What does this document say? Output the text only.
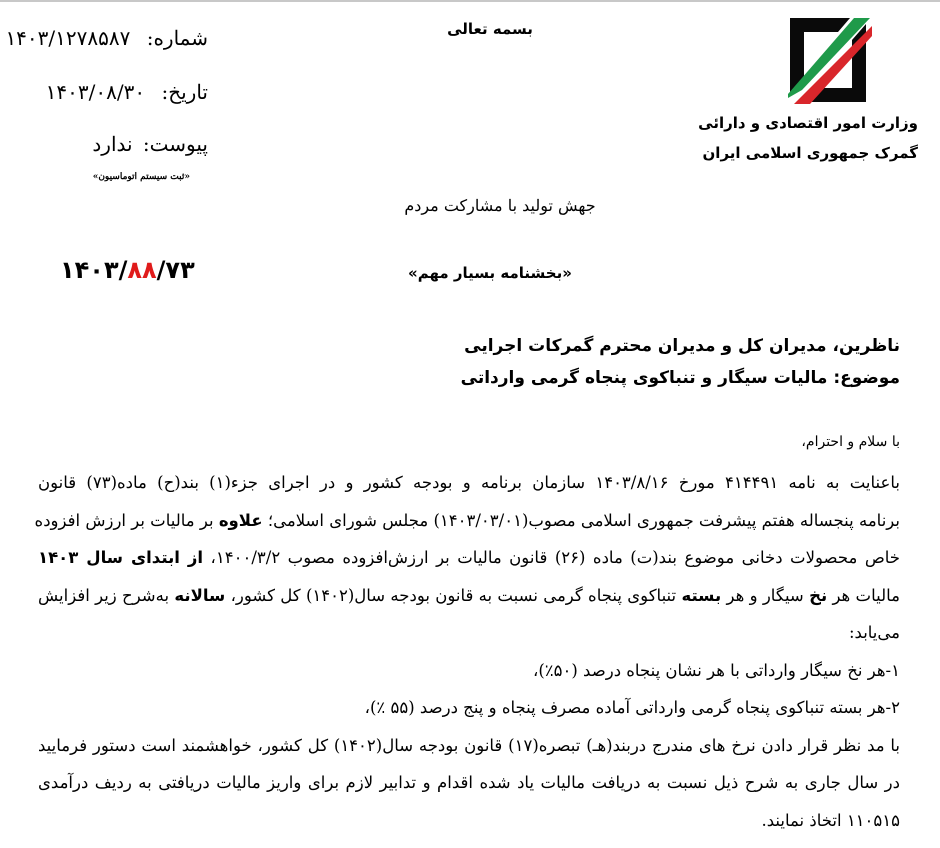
وزارت امور اقتصادی و دارائی
گمرک جمهوری اسلامی ایران
بسمه تعالی
شماره: ۱۴۰۳/۱۲۷۸۵۸۷
تاریخ: ۱۴۰۳/۰۸/۳۰
پیوست: ندارد
«ثبت سیستم اتوماسیون»
جهش تولید با مشارکت مردم
۱۴۰۳/۸۸/۷۳	«بخشنامه بسیار مهم»
ناظرین، مدیران کل و مدیران محترم گمرکات اجرایی
موضوع: مالیات سیگار و تنباکوی پنجاه گرمی وارداتی
با سلام و احترام،
باعنایت به نامه ۴۱۴۴۹۱ مورخ ۱۴۰۳/۸/۱۶ سازمان برنامه و بودجه کشور و در اجرای جزء(۱) بند(ح) ماده(۷۳) قانون
برنامه پنجساله هفتم پیشرفت جمهوری اسلامی مصوب(۱۴۰۳/۰۳/۰۱) مجلس شورای اسلامی؛ علاوه بر مالیات بر ارزش افزوده
خاص محصولات دخانی موضوع بند(ت) ماده (۲۶) قانون مالیات بر ارزش‌افزوده مصوب ۱۴۰۰/۳/۲، از ابتدای سال ۱۴۰۳
مالیات هر نخ سیگار و هر بسته تنباکوی پنجاه گرمی نسبت به قانون بودجه سال(۱۴۰۲) کل کشور، سالانه به‌شرح زیر افزایش
می‌یابد:
۱-هر نخ سیگار وارداتی با هر نشان پنجاه درصد (۵۰٪)،
۲-هر بسته تنباکوی پنجاه گرمی وارداتی آماده مصرف پنجاه و پنج درصد (۵۵ ٪)،
با مد نظر قرار دادن نرخ های مندرج دربند(هـ) تبصره(۱۷) قانون بودجه سال(۱۴۰۲) کل کشور، خواهشمند است دستور فرمایید
در سال جاری به شرح ذیل نسبت به دریافت مالیات یاد شده اقدام و تدابیر لازم برای واریز مالیات دریافتی به ردیف درآمدی
۱۱۰۵۱۵ اتخاذ نمایند.
